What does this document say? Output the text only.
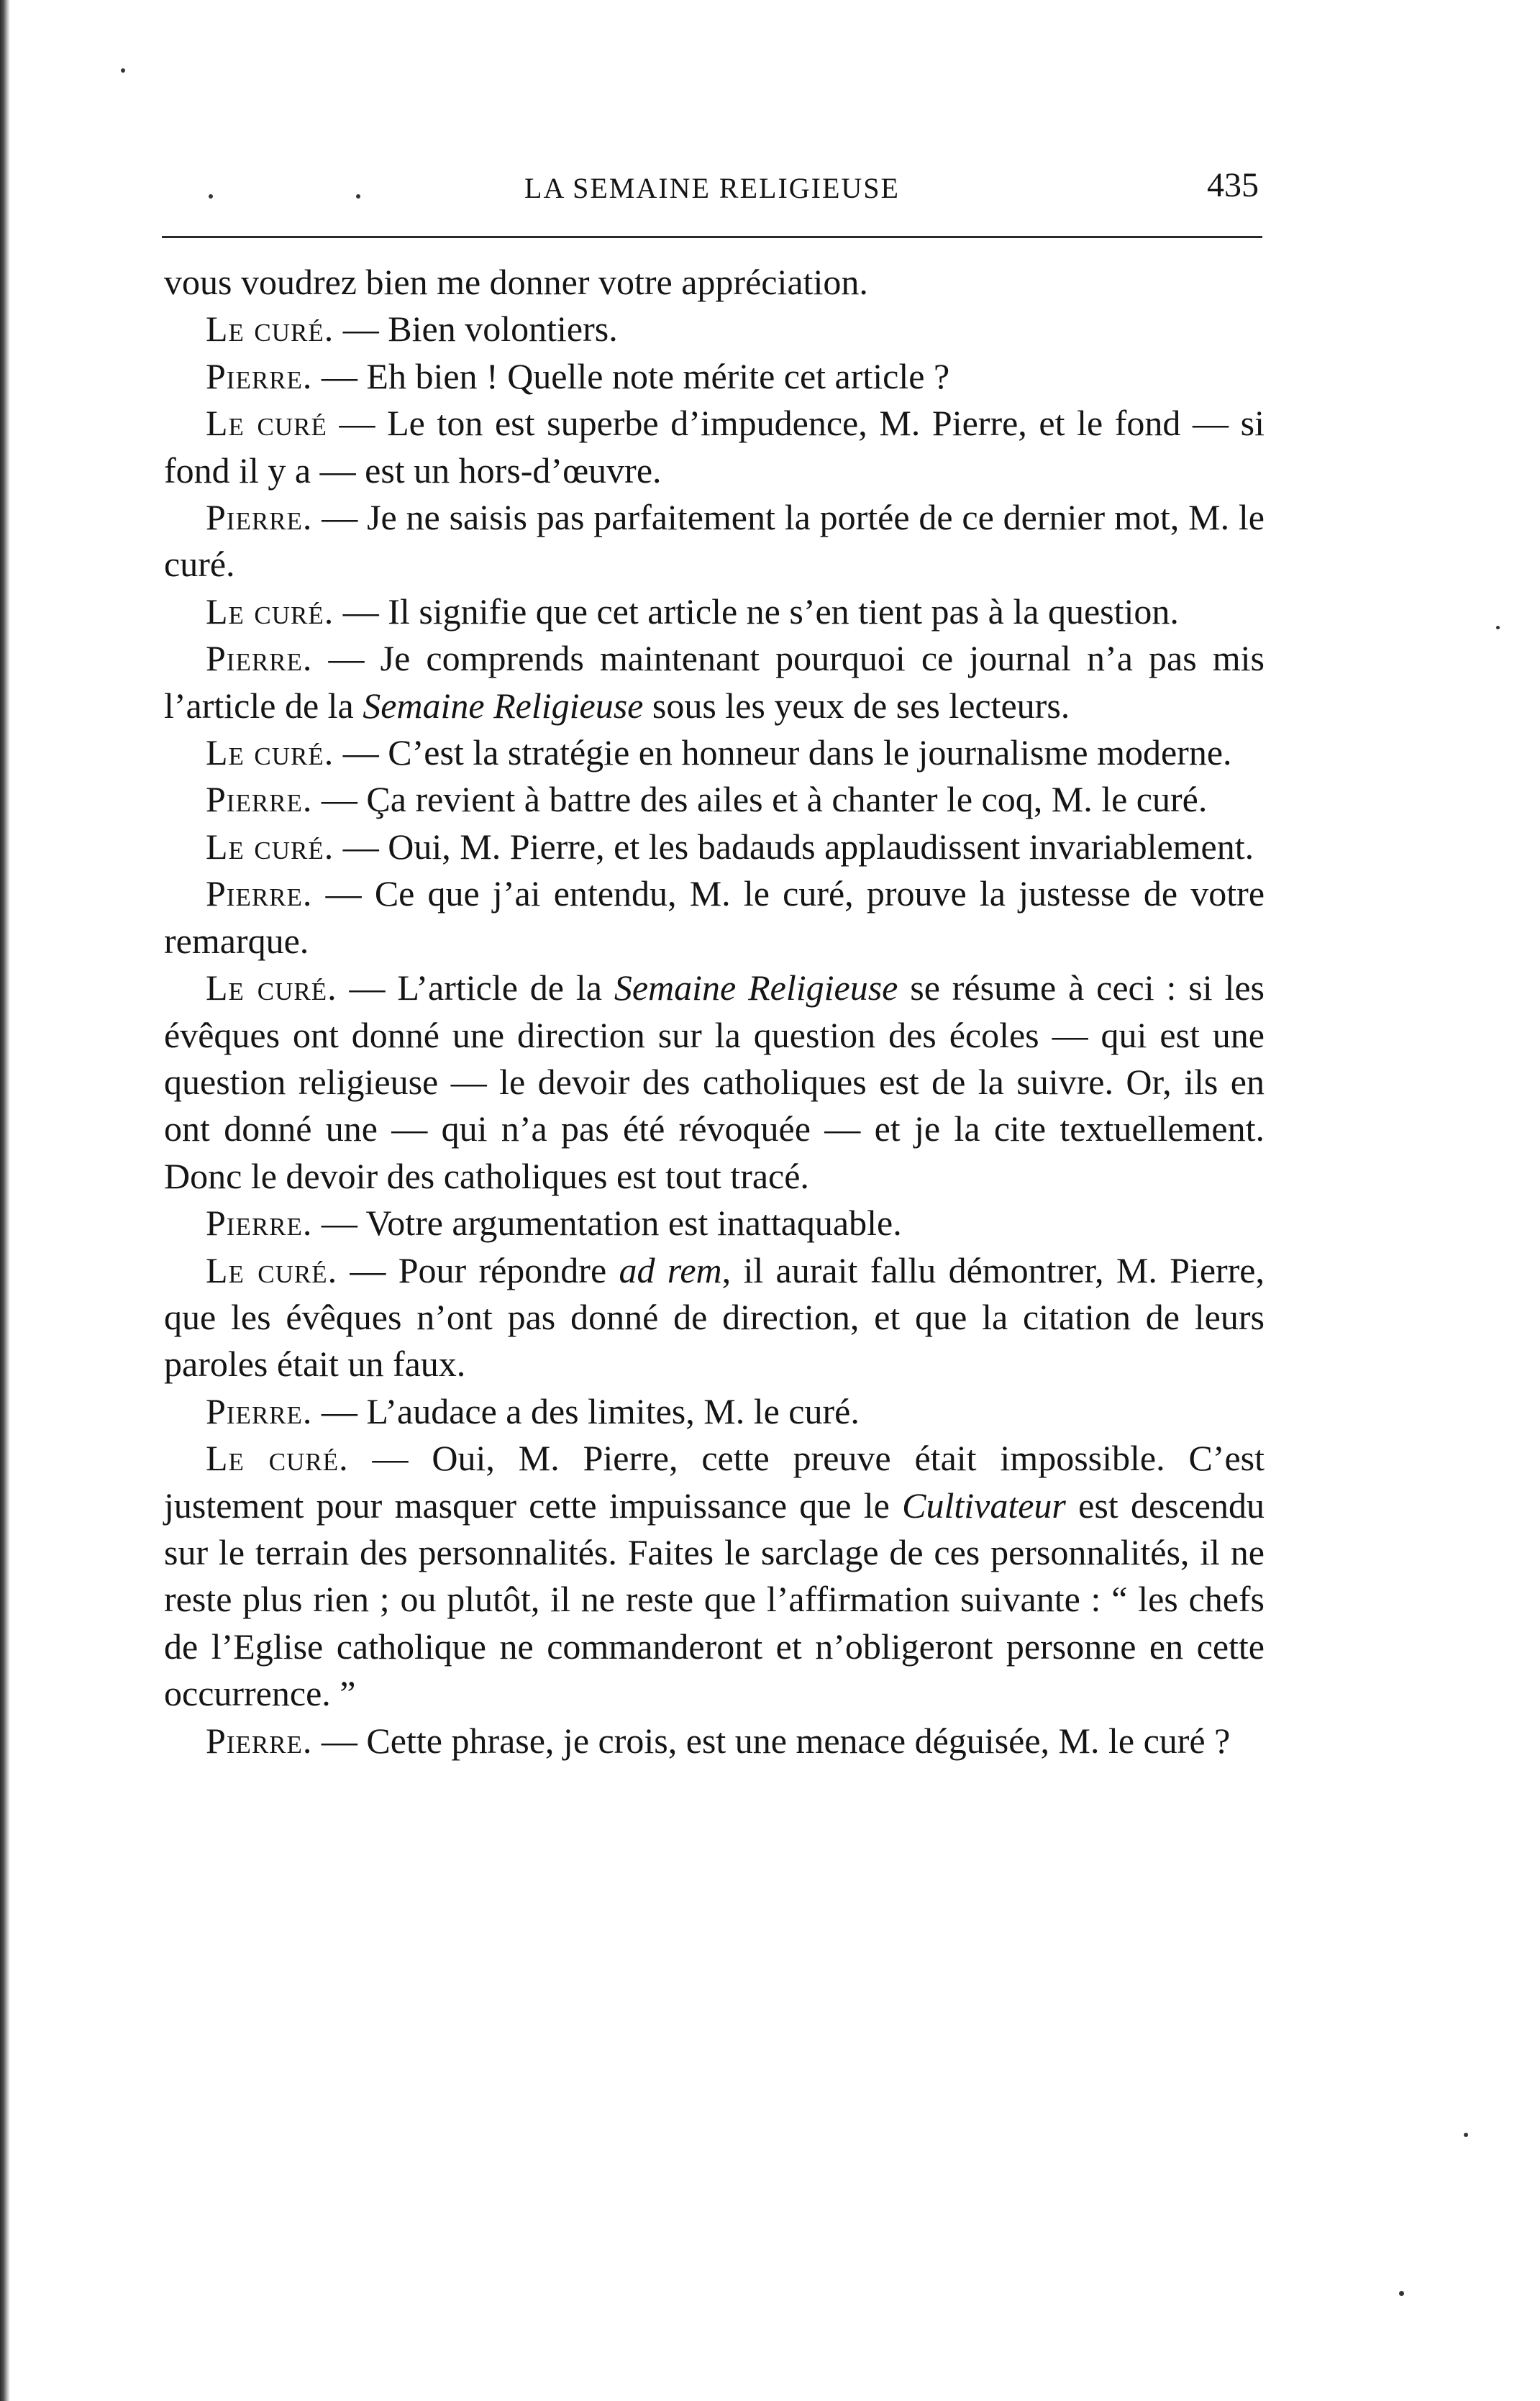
LA SEMAINE RELIGIEUSE	435

vous voudrez bien me donner votre appréciation.

Le curé. — Bien volontiers.

Pierre. — Eh bien ! Quelle note mérite cet article ?

Le curé — Le ton est superbe d’impudence, M. Pierre, et le fond — si fond il y a — est un hors-d’œuvre.

Pierre. — Je ne saisis pas parfaitement la portée de ce dernier mot, M. le curé.

Le curé. — Il signifie que cet article ne s’en tient pas à la question.

Pierre. — Je comprends maintenant pourquoi ce journal n’a pas mis l’article de la Semaine Religieuse sous les yeux de ses lecteurs.

Le curé. — C’est la stratégie en honneur dans le journalisme moderne.

Pierre. — Ça revient à battre des ailes et à chanter le coq, M. le curé.

Le curé. — Oui, M. Pierre, et les badauds applaudissent invariablement.

Pierre. — Ce que j’ai entendu, M. le curé, prouve la justesse de votre remarque.

Le curé. — L’article de la Semaine Religieuse se résume à ceci : si les évêques ont donné une direction sur la question des écoles — qui est une question religieuse — le devoir des catholiques est de la suivre. Or, ils en ont donné une — qui n’a pas été révoquée — et je la cite textuellement. Donc le devoir des catholiques est tout tracé.

Pierre. — Votre argumentation est inattaquable.

Le curé. — Pour répondre ad rem, il aurait fallu démontrer, M. Pierre, que les évêques n’ont pas donné de direction, et que la citation de leurs paroles était un faux.

Pierre. — L’audace a des limites, M. le curé.

Le curé. — Oui, M. Pierre, cette preuve était impossible. C’est justement pour masquer cette impuissance que le Cultivateur est descendu sur le terrain des personnalités. Faites le sarclage de ces personnalités, il ne reste plus rien ; ou plutôt, il ne reste que l’affirmation suivante : “ les chefs de l’Eglise catholique ne commanderont et n’obligeront personne en cette occurrence. ”

Pierre. — Cette phrase, je crois, est une menace déguisée, M. le curé ?
